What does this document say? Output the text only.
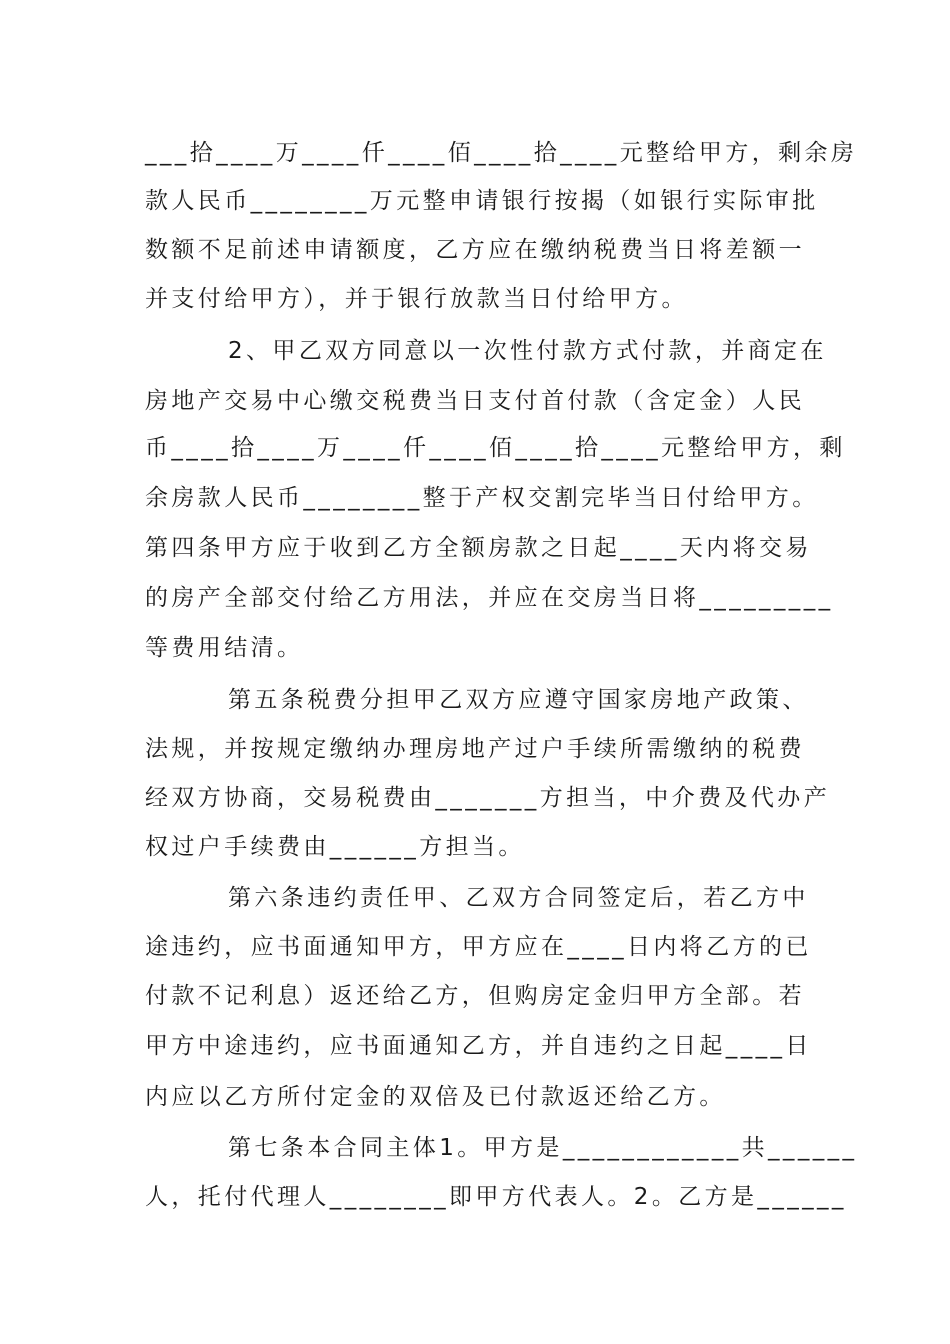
___拾____万____仟____佰____拾____元整给甲方，剩余房
款人民币________万元整申请银行按揭（如银行实际审批
数额不足前述申请额度，乙方应在缴纳税费当日将差额一
并支付给甲方），并于银行放款当日付给甲方。
2、甲乙双方同意以一次性付款方式付款，并商定在
房地产交易中心缴交税费当日支付首付款（含定金）人民
币____拾____万____仟____佰____拾____元整给甲方，剩
余房款人民币________整于产权交割完毕当日付给甲方。
第四条甲方应于收到乙方全额房款之日起____天内将交易
的房产全部交付给乙方用法，并应在交房当日将_________
等费用结清。
第五条税费分担甲乙双方应遵守国家房地产政策、
法规，并按规定缴纳办理房地产过户手续所需缴纳的税费
经双方协商，交易税费由_______方担当，中介费及代办产
权过户手续费由______方担当。
第六条违约责任甲、乙双方合同签定后，若乙方中
途违约，应书面通知甲方，甲方应在____日内将乙方的已
付款不记利息）返还给乙方，但购房定金归甲方全部。若
甲方中途违约，应书面通知乙方，并自违约之日起____日
内应以乙方所付定金的双倍及已付款返还给乙方。
第七条本合同主体1。甲方是____________共______
人，托付代理人________即甲方代表人。2。乙方是______
